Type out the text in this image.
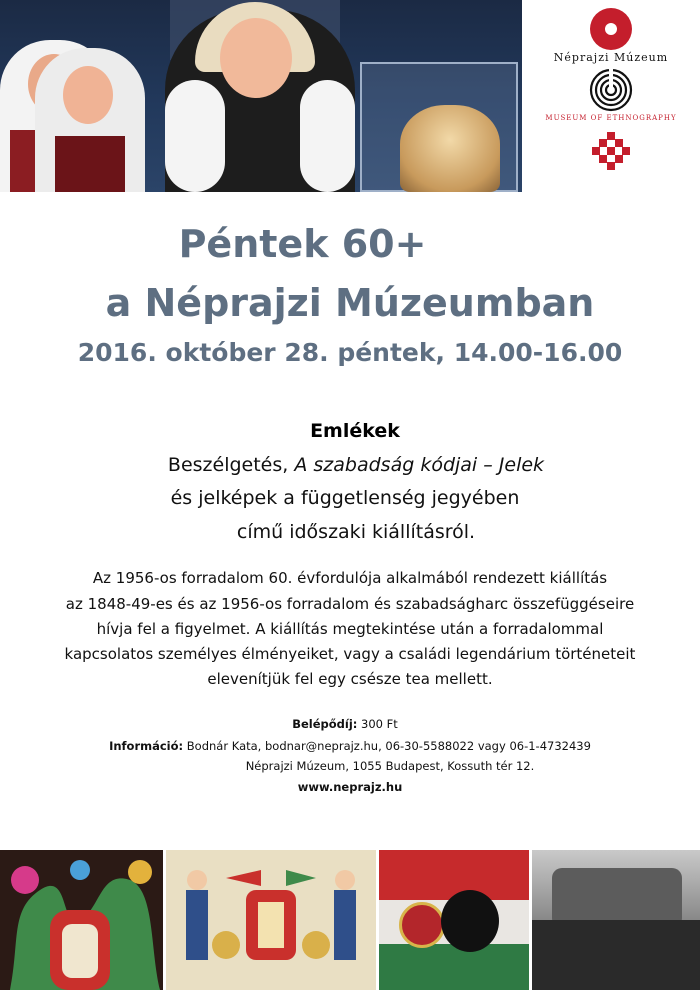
Néprajzi Múzeum
MUSEUM OF ETHNOGRAPHY
Péntek 60+
a Néprajzi Múzeumban
2016. október 28. péntek, 14.00-16.00
Emlékek
Beszélgetés, A szabadság kódjai – Jelek
és jelképek a függetlenség jegyében
című időszaki kiállításról.
Az 1956-os forradalom 60. évfordulója alkalmából rendezett kiállítás
az 1848-49-es és az 1956-os forradalom és szabadságharc összefüggéseire
hívja fel a figyelmet. A kiállítás megtekintése után a forradalommal
kapcsolatos személyes élményeiket, vagy a családi legendárium történeteit
elevenítjük fel egy csésze tea mellett.
Belépődíj: 300 Ft
Információ: Bodnár Kata, bodnar@neprajz.hu, 06-30-5588022 vagy 06-1-4732439
Néprajzi Múzeum, 1055 Budapest, Kossuth tér 12.
www.neprajz.hu
